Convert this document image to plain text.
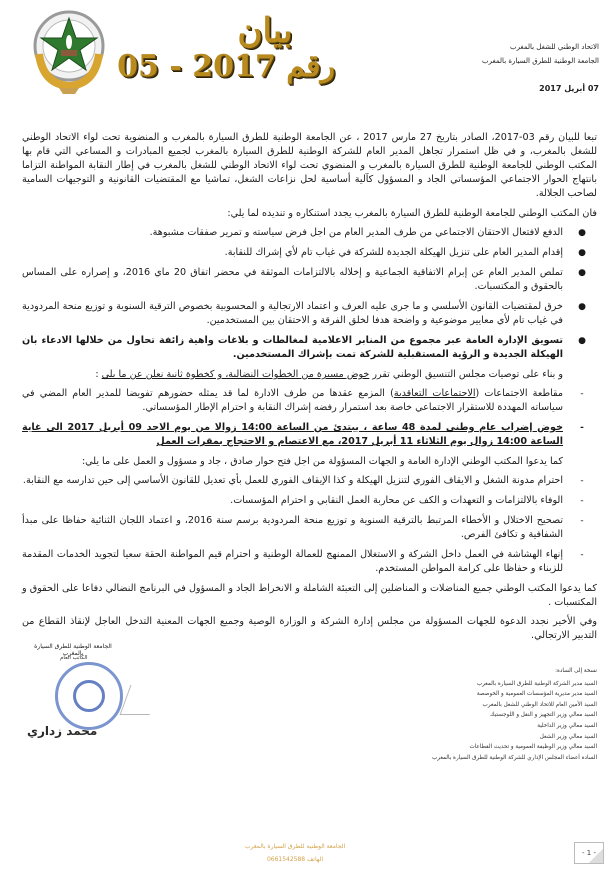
بيان
رقم 05 - 2017
الاتحاد الوطني للشغل بالمغرب
الجامعة الوطنية للطرق السيارة بالمغرب
07 أبريل 2017
تبعا للبيان رقم 03-2017، الصادر بتاريخ 27 مارس 2017 ، عن الجامعة الوطنية للطرق السيارة بالمغرب و المنضوية تحت لواء الاتحاد الوطني للشغل بالمغرب، و في ظل استمرار تجاهل المدير العام للشركة الوطنية للطرق السيارة بالمغرب لجميع المبادرات و المساعي التي قام بها المكتب الوطني للجامعة الوطنية للطرق السيارة بالمغرب و المنضوي تحت لواء الاتحاد الوطني للشغل بالمغرب في إطار النقابة المواطنة التزاما بانتهاج الحوار الاجتماعي المؤسساتي الجاد و المسؤول كآلية أساسية لحل نزاعات الشغل، تماشيا مع المقتضيات القانونية و التوجيهات السامية لصاحب الجلالة.
فان المكتب الوطني للجامعة الوطنية للطرق السيارة بالمغرب يجدد استنكاره و تنديده لما يلي:
●
الدفع لافتعال الاحتقان الاجتماعي من طرف المدير العام من اجل فرض سياسته و تمرير صفقات مشبوهة.
●
إقدام المدير العام على تنزيل الهيكلة الجديدة للشركة في غياب تام لأي إشراك للنقابة.
●
تملص المدير العام عن إبرام الاتفاقية الجماعية و إخلاله بالالتزامات الموثقة في محضر اتفاق 20 ماي 2016، و إصراره على المساس بالحقوق و المكتسبات.
●
خرق لمقتضيات القانون الأسلسي و ما جرى عليه العرف و اعتماد الارتجالية و المحسوبية بخصوص الترقية السنوية و توزيع منحة المردودية في غياب تام لأي معايير موضوعية و واضحة هدفا لخلق الفرقة و الاحتقان بين المستخدمين.
●
تسويق الإدارة العامة عبر مجموع من المنابر الاعلامية لمغالطات و بلاغات واهية زائفة تحاول من خلالها الادعاء بان الهيكلة الجديدة و الرؤية المستقبلية للشركة تمت بإشراك المستخدمين.
و بناء على توصيات مجلس التنسيق الوطني تقرر خوض مسيرة من الخطوات النضالية، و كخطوة ثانية نعلن عن ما يلي :
-
مقاطعة الاجتماعات (الاجتماعات التعاقدية) المزمع عقدها من طرف الادارة لما قد يمثله حضورهم تفويضا للمدير العام المضي في سياساته المهددة للاستقرار الاجتماعي خاصة بعد استمرار رفضه إشراك النقابة و احترام الإطار المؤسساتي.
-
خوض إضراب عام وطني لمدة 48 ساعة ، يبتدئ من الساعة 14:00 زوالا من يوم الاحد 09 أبريل 2017 الى غاية الساعة 14:00 زوال يوم الثلاثاء 11 أبريل 2017، مع الاعتصام و الاحتجاج بمقرات العمل
كما يدعوا المكتب الوطني الإدارة العامة و الجهات المسؤولة من اجل فتح حوار صادق ، جاد و مسؤول و العمل على ما يلي:
-
احترام مدونة الشغل و الايقاف الفوري لتنزيل الهيكلة و كذا الإيقاف الفوري للعمل بأي تعديل للقانون الأساسي إلى حين تدارسه مع النقابة.
-
الوفاء بالالتزامات و التعهدات و الكف عن محاربة العمل النقابي و احترام المؤسسات.
-
تصحيح الاختلال و الأخطاء المرتبط بالترقية السنوية و توزيع منحة المردودية برسم سنة 2016، و اعتماد اللجان الثنائية حفاظا على مبدأ الشفافية و تكافئ الفرص.
-
إنهاء الهشاشة في العمل داخل الشركة و الاستغلال الممنهج للعمالة الوطنية و احترام قيم المواطنة الحقة سعيا لتجويد الخدمات المقدمة للزبناء و حفاظا على كرامة المواطن المستخدم.
كما يدعوا المكتب الوطني جميع المناضلات و المناضلين إلى التعبئة الشاملة و الانخراط الجاد و المسؤول في البرنامج النضالي دفاعا على الحقوق و المكتسبات .
وفي الأخير نجدد الدعوة للجهات المسؤولة من مجلس إدارة الشركة و الوزارة الوصية وجميع الجهات المعنية التدخل العاجل لإنقاذ القطاع من التدبير الارتجالي.
الجامعة الوطنية للطرق السيارة بالمغرب
الكاتب العام
محمد زداري
نسخة إلى السادة:
السيد مدير الشركة الوطنية للطرق السيارة بالمغرب
السيد مدير مديرية المؤسسات العمومية و الخوصصة
السيد الأمين العام للاتحاد الوطني للشغل بالمغرب
السيد معالي وزير التجهيز و النقل و اللوجستيك
السيد معالي وزير الداخلية
السيد معالي وزير الشغل
السيد معالي وزير الوظيفة العمومية و تحديث القطاعات
السادة أعضاء المجلس الإداري للشركة الوطنية للطرق السيارة بالمغرب
الجامعة الوطنية للطرق السيارة بالمغرب
الهاتف 0661542588
- 1 -
